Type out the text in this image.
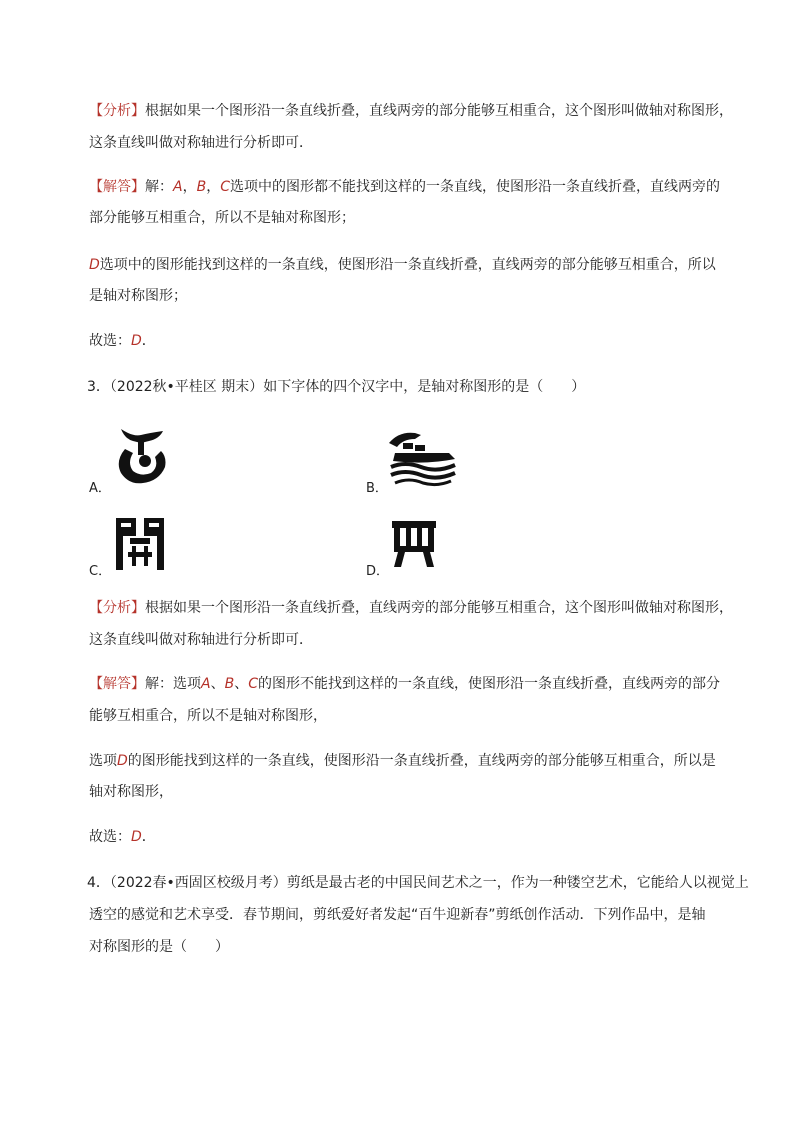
【分析】根据如果一个图形沿一条直线折叠，直线两旁的部分能够互相重合，这个图形叫做轴对称图形，
这条直线叫做对称轴进行分析即可．
【解答】解：A，B，C选项中的图形都不能找到这样的一条直线，使图形沿一条直线折叠，直线两旁的
部分能够互相重合，所以不是轴对称图形；
D选项中的图形能找到这样的一条直线，使图形沿一条直线折叠，直线两旁的部分能够互相重合，所以
是轴对称图形；
故选：D．
3．（2022秋•平桂区 期末）如下字体的四个汉字中，是轴对称图形的是（　　）
A．	B．
C．	D．
【分析】根据如果一个图形沿一条直线折叠，直线两旁的部分能够互相重合，这个图形叫做轴对称图形，
这条直线叫做对称轴进行分析即可．
【解答】解：选项A、B、C的图形不能找到这样的一条直线，使图形沿一条直线折叠，直线两旁的部分
能够互相重合，所以不是轴对称图形，
选项D的图形能找到这样的一条直线，使图形沿一条直线折叠，直线两旁的部分能够互相重合，所以是
轴对称图形，
故选：D．
4．（2022春•西固区校级月考）剪纸是最古老的中国民间艺术之一，作为一种镂空艺术，它能给人以视觉上
透空的感觉和艺术享受．春节期间，剪纸爱好者发起“百牛迎新春”剪纸创作活动．下列作品中，是轴
对称图形的是（　　）
